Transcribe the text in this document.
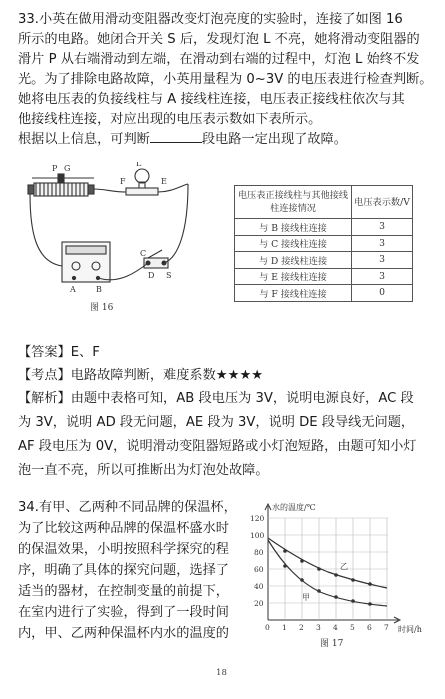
33.小英在做用滑动变阻器改变灯泡亮度的实验时，连接了如图 16
所示的电路。她闭合开关 S 后，发现灯泡 L 不亮，她将滑动变阻器的
滑片 P 从右端滑动到左端，在滑动到右端的过程中，灯泡 L 始终不发
光。为了排除电路故障，小英用量程为 0~3V 的电压表进行检查判断。
她将电压表的负接线柱与 A 接线柱连接，电压表正接线柱依次与其
他接线柱连接，对应出现的电压表示数如下表所示。
根据以上信息，可判断	段电路一定出现了故障。
P G
F	E
L
A	B
C
D S
图 16
电压表正接线柱与其他接线柱连接情况	电压表示数/V
与 B 接线柱连接	3
与 C 接线柱连接	3
与 D 接线柱连接	3
与 E 接线柱连接	3
与 F 接线柱连接	0
【答案】E、F
【考点】电路故障判断，难度系数★★★★
【解析】由题中表格可知，AB 段电压为 3V，说明电源良好，AC 段
为 3V，说明 AD 段无问题，AE 段为 3V，说明 DE 段导线无问题，
AF 段电压为 0V，说明滑动变阻器短路或小灯泡短路，由题可知小灯
泡一直不亮，所以可推断出为灯泡处故障。
34.有甲、乙两种不同品牌的保温杯，
为了比较这两种品牌的保温杯盛水时
的保温效果，小明按照科学探究的程
序，明确了具体的探究问题，选择了
适当的器材，在控制变量的前提下，
在室内进行了实验，得到了一段时间
内，甲、乙两种保温杯内水的温度的
水的温度/℃
时间/h
120
100
80
60
40
20
0 1 2 3 4 5 6 7
乙
甲
图 17
18
